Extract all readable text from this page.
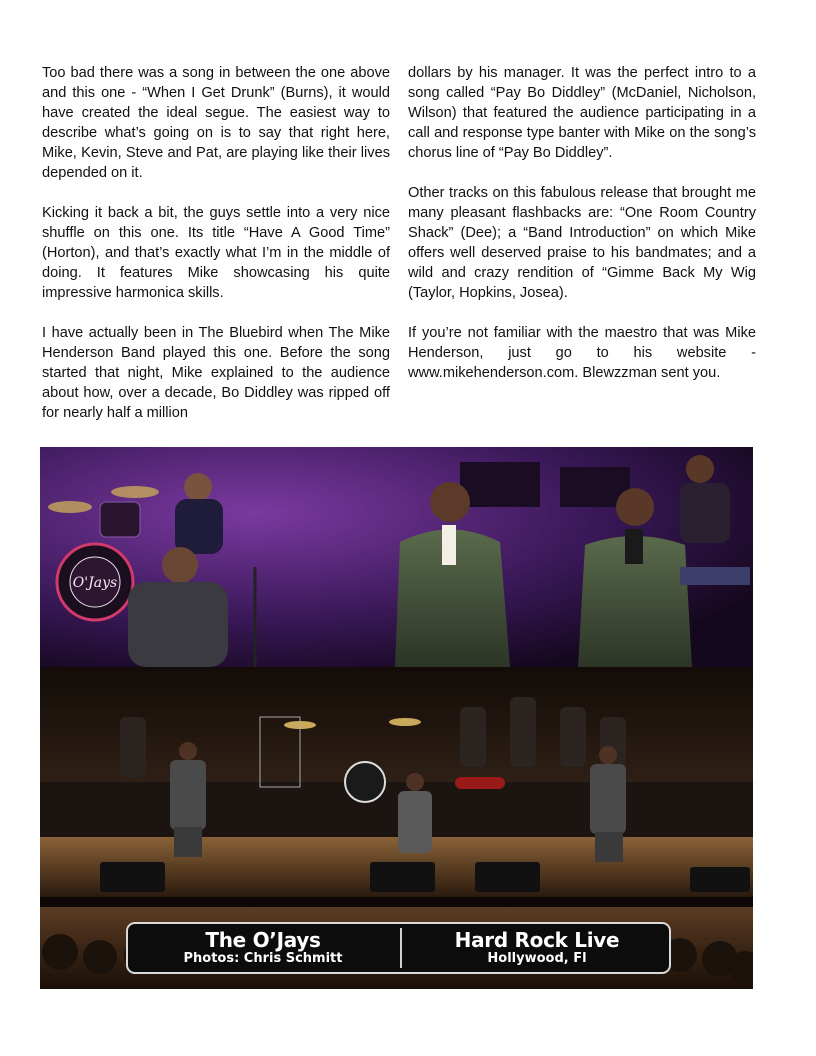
Too bad there was a song in between the one above and this one - “When I Get Drunk” (Burns), it would have created the ideal segue. The easiest way to describe what’s going on is to say that right here, Mike, Kevin, Steve and Pat, are playing like their lives depended on it.

Kicking it back a bit, the guys settle into a very nice shuffle on this one. Its title “Have A Good Time” (Horton), and that’s exactly what I’m in the middle of doing. It features Mike showcasing his quite impressive harmonica skills.

I have actually been in The Bluebird when The Mike Henderson Band played this one. Before the song started that night, Mike explained to the audience about how, over a decade, Bo Diddley was ripped off for nearly half a million

dollars by his manager. It was the perfect intro to a song called “Pay Bo Diddley” (McDaniel, Nicholson, Wilson) that featured the audience participating in a call and response type banter with Mike on the song’s chorus line of “Pay Bo Diddley”.

Other tracks on this fabulous release that brought me many pleasant flashbacks are: “One Room Country Shack” (Dee); a “Band Introduction” on which Mike offers well deserved praise to his bandmates; and a wild and crazy rendition of “Gimme Back My Wig (Taylor, Hopkins, Josea).

If you’re not familiar with the maestro that was Mike Henderson, just go to his website - www.mikehenderson.com. Blewzzman sent you.

O'Jays
The O’Jays
Photos: Chris Schmitt
Hard Rock Live
Hollywood, Fl
